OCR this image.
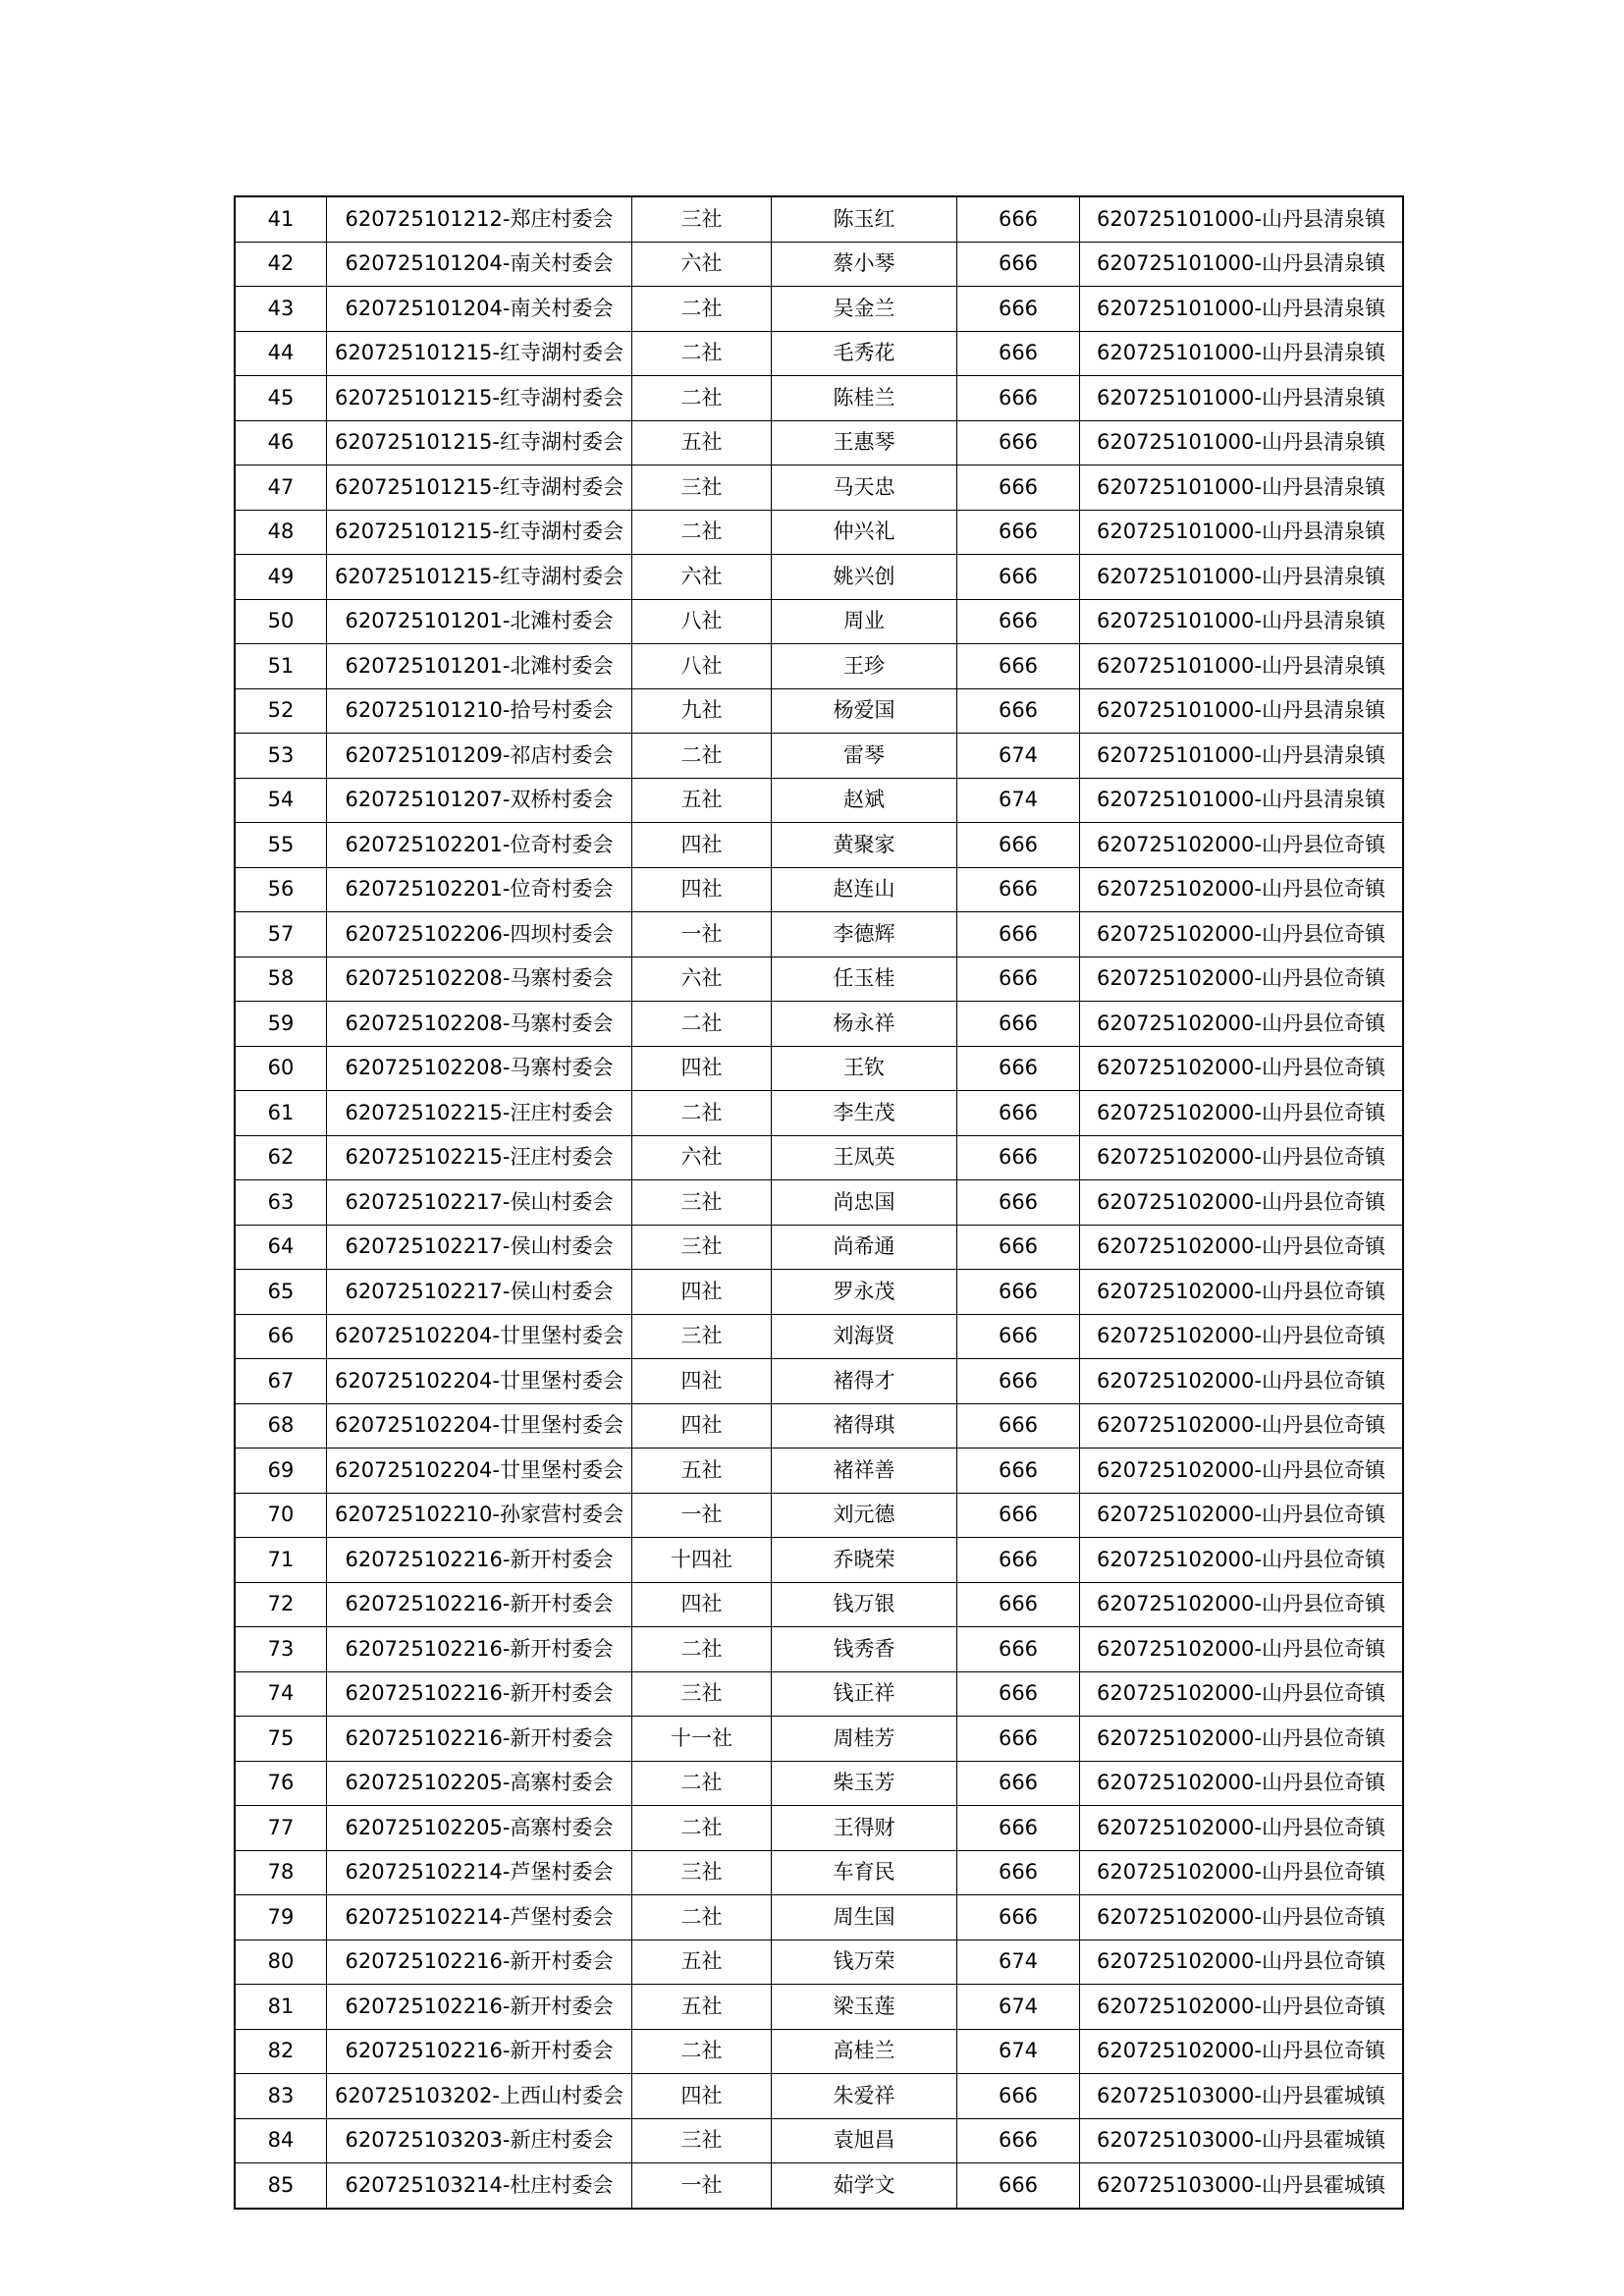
41	620725101212-郑庄村委会	三社	陈玉红	666	620725101000-山丹县清泉镇
42	620725101204-南关村委会	六社	蔡小琴	666	620725101000-山丹县清泉镇
43	620725101204-南关村委会	二社	吴金兰	666	620725101000-山丹县清泉镇
44	620725101215-红寺湖村委会	二社	毛秀花	666	620725101000-山丹县清泉镇
45	620725101215-红寺湖村委会	二社	陈桂兰	666	620725101000-山丹县清泉镇
46	620725101215-红寺湖村委会	五社	王惠琴	666	620725101000-山丹县清泉镇
47	620725101215-红寺湖村委会	三社	马天忠	666	620725101000-山丹县清泉镇
48	620725101215-红寺湖村委会	二社	仲兴礼	666	620725101000-山丹县清泉镇
49	620725101215-红寺湖村委会	六社	姚兴创	666	620725101000-山丹县清泉镇
50	620725101201-北滩村委会	八社	周业	666	620725101000-山丹县清泉镇
51	620725101201-北滩村委会	八社	王珍	666	620725101000-山丹县清泉镇
52	620725101210-拾号村委会	九社	杨爱国	666	620725101000-山丹县清泉镇
53	620725101209-祁店村委会	二社	雷琴	674	620725101000-山丹县清泉镇
54	620725101207-双桥村委会	五社	赵斌	674	620725101000-山丹县清泉镇
55	620725102201-位奇村委会	四社	黄聚家	666	620725102000-山丹县位奇镇
56	620725102201-位奇村委会	四社	赵连山	666	620725102000-山丹县位奇镇
57	620725102206-四坝村委会	一社	李德辉	666	620725102000-山丹县位奇镇
58	620725102208-马寨村委会	六社	任玉桂	666	620725102000-山丹县位奇镇
59	620725102208-马寨村委会	二社	杨永祥	666	620725102000-山丹县位奇镇
60	620725102208-马寨村委会	四社	王钦	666	620725102000-山丹县位奇镇
61	620725102215-汪庄村委会	二社	李生茂	666	620725102000-山丹县位奇镇
62	620725102215-汪庄村委会	六社	王凤英	666	620725102000-山丹县位奇镇
63	620725102217-侯山村委会	三社	尚忠国	666	620725102000-山丹县位奇镇
64	620725102217-侯山村委会	三社	尚希通	666	620725102000-山丹县位奇镇
65	620725102217-侯山村委会	四社	罗永茂	666	620725102000-山丹县位奇镇
66	620725102204-廿里堡村委会	三社	刘海贤	666	620725102000-山丹县位奇镇
67	620725102204-廿里堡村委会	四社	褚得才	666	620725102000-山丹县位奇镇
68	620725102204-廿里堡村委会	四社	褚得琪	666	620725102000-山丹县位奇镇
69	620725102204-廿里堡村委会	五社	褚祥善	666	620725102000-山丹县位奇镇
70	620725102210-孙家营村委会	一社	刘元德	666	620725102000-山丹县位奇镇
71	620725102216-新开村委会	十四社	乔晓荣	666	620725102000-山丹县位奇镇
72	620725102216-新开村委会	四社	钱万银	666	620725102000-山丹县位奇镇
73	620725102216-新开村委会	二社	钱秀香	666	620725102000-山丹县位奇镇
74	620725102216-新开村委会	三社	钱正祥	666	620725102000-山丹县位奇镇
75	620725102216-新开村委会	十一社	周桂芳	666	620725102000-山丹县位奇镇
76	620725102205-高寨村委会	二社	柴玉芳	666	620725102000-山丹县位奇镇
77	620725102205-高寨村委会	二社	王得财	666	620725102000-山丹县位奇镇
78	620725102214-芦堡村委会	三社	车育民	666	620725102000-山丹县位奇镇
79	620725102214-芦堡村委会	二社	周生国	666	620725102000-山丹县位奇镇
80	620725102216-新开村委会	五社	钱万荣	674	620725102000-山丹县位奇镇
81	620725102216-新开村委会	五社	梁玉莲	674	620725102000-山丹县位奇镇
82	620725102216-新开村委会	二社	高桂兰	674	620725102000-山丹县位奇镇
83	620725103202-上西山村委会	四社	朱爱祥	666	620725103000-山丹县霍城镇
84	620725103203-新庄村委会	三社	袁旭昌	666	620725103000-山丹县霍城镇
85	620725103214-杜庄村委会	一社	茹学文	666	620725103000-山丹县霍城镇
